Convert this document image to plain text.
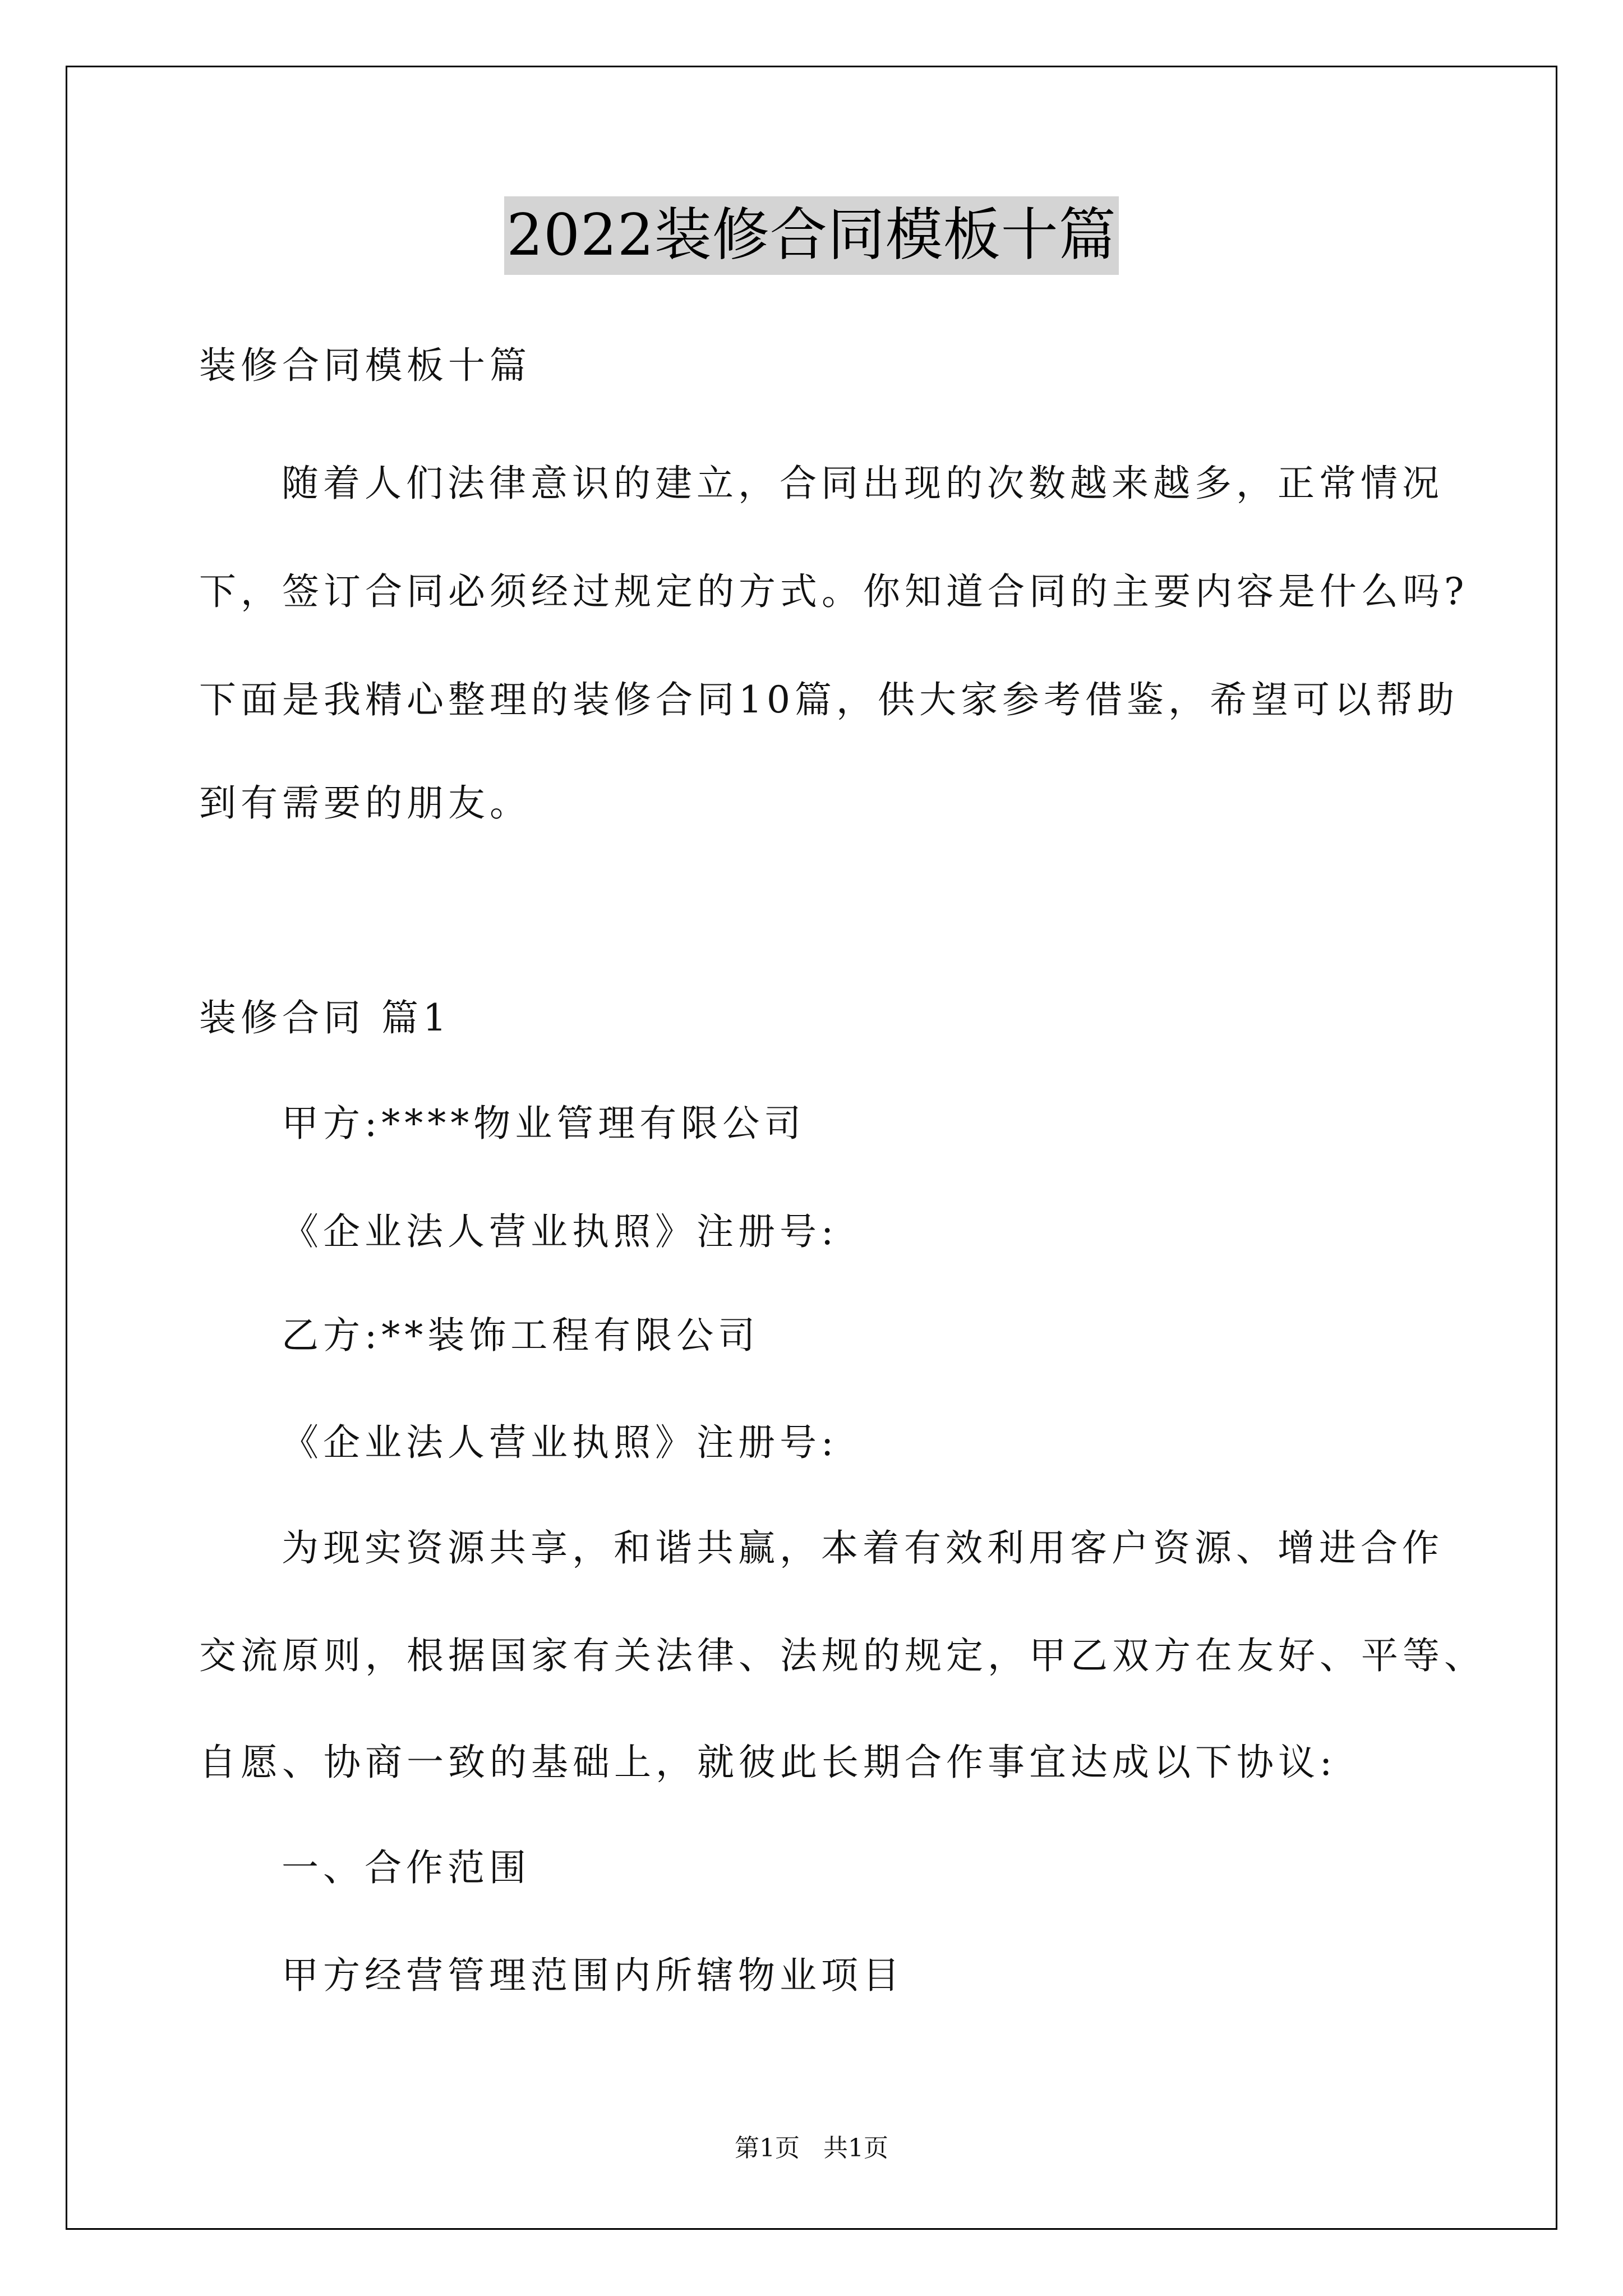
2022装修合同模板十篇
装修合同模板十篇
随着人们法律意识的建立，合同出现的次数越来越多，正常情况
下，签订合同必须经过规定的方式。你知道合同的主要内容是什么吗?
下面是我精心整理的装修合同10篇，供大家参考借鉴，希望可以帮助
到有需要的朋友。
装修合同 篇1
甲方:****物业管理有限公司
《企业法人营业执照》注册号:
乙方:**装饰工程有限公司
《企业法人营业执照》注册号:
为现实资源共享，和谐共赢，本着有效利用客户资源、增进合作
交流原则，根据国家有关法律、法规的规定，甲乙双方在友好、平等、
自愿、协商一致的基础上，就彼此长期合作事宜达成以下协议:
一、合作范围
甲方经营管理范围内所辖物业项目
第1页   共1页
